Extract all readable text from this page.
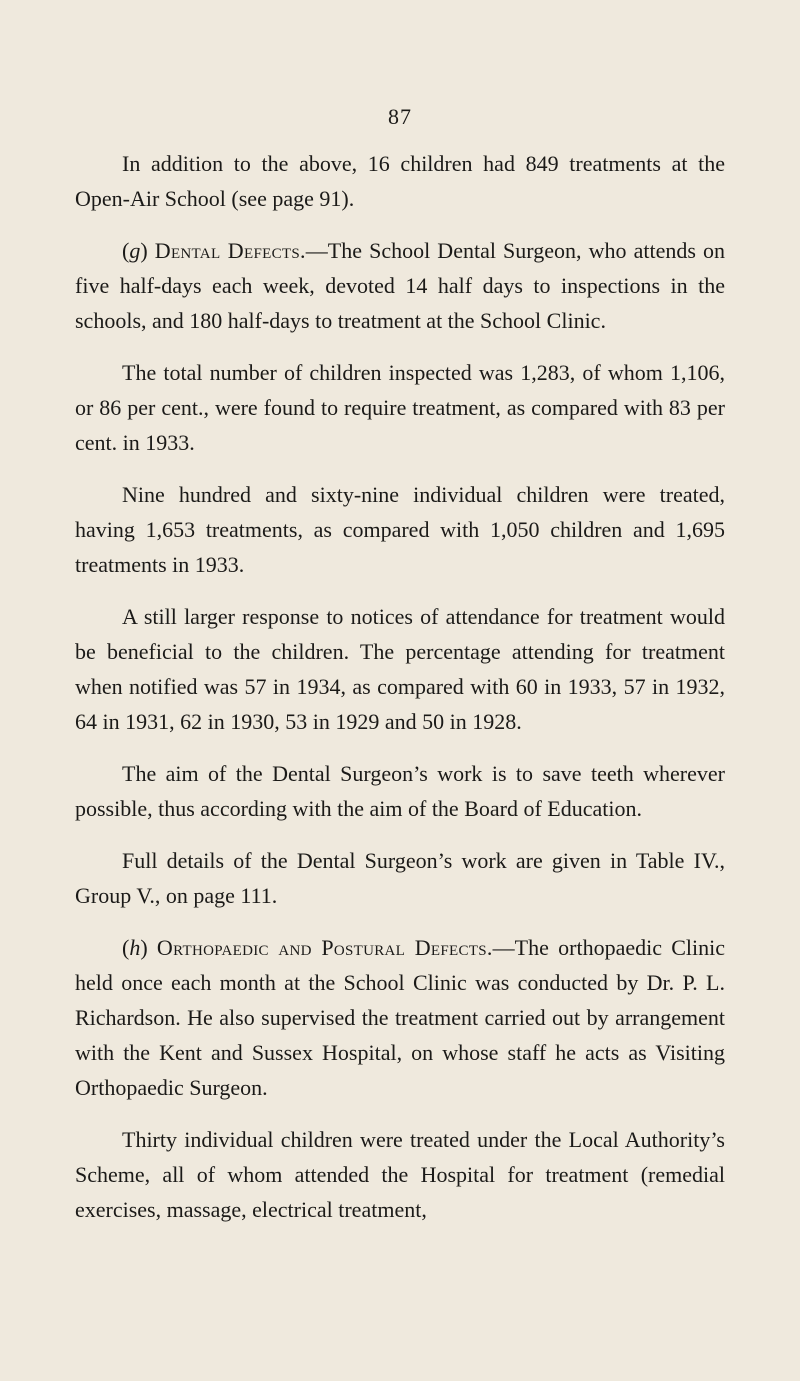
87

In addition to the above, 16 children had 849 treatments at the Open-Air School (see page 91).

(g) Dental Defects.—The School Dental Surgeon, who attends on five half-days each week, devoted 14 half days to inspections in the schools, and 180 half-days to treatment at the School Clinic.

The total number of children inspected was 1,283, of whom 1,106, or 86 per cent., were found to require treatment, as compared with 83 per cent. in 1933.

Nine hundred and sixty-nine individual children were treated, having 1,653 treatments, as compared with 1,050 children and 1,695 treatments in 1933.

A still larger response to notices of attendance for treatment would be beneficial to the children. The percentage attending for treatment when notified was 57 in 1934, as compared with 60 in 1933, 57 in 1932, 64 in 1931, 62 in 1930, 53 in 1929 and 50 in 1928.

The aim of the Dental Surgeon’s work is to save teeth wherever possible, thus according with the aim of the Board of Education.

Full details of the Dental Surgeon’s work are given in Table IV., Group V., on page 111.

(h) Orthopaedic and Postural Defects.—The orthopaedic Clinic held once each month at the School Clinic was conducted by Dr. P. L. Richardson. He also supervised the treatment carried out by arrangement with the Kent and Sussex Hospital, on whose staff he acts as Visiting Orthopaedic Surgeon.

Thirty individual children were treated under the Local Authority’s Scheme, all of whom attended the Hospital for treatment (remedial exercises, massage, electrical treatment,
